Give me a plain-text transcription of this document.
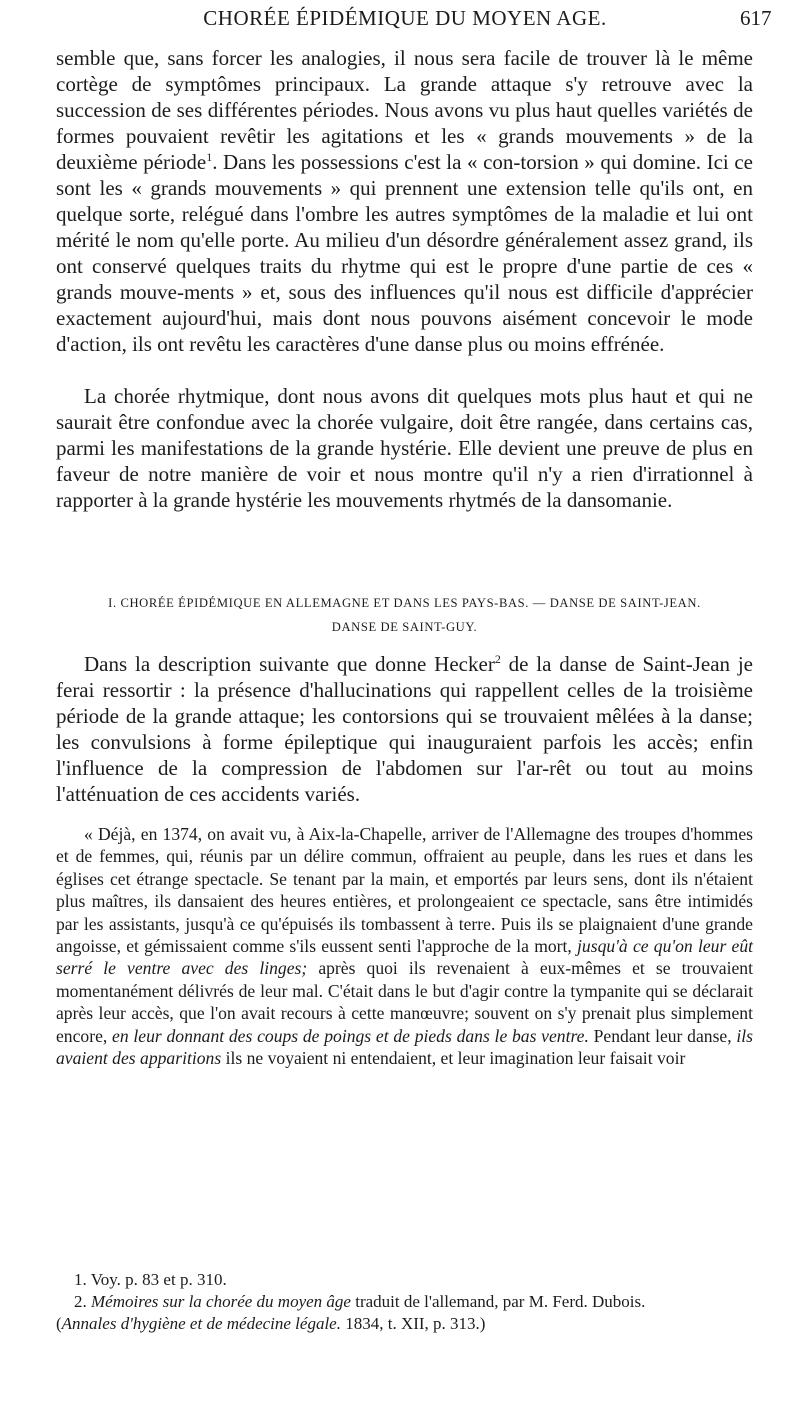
CHORÉE ÉPIDÉMIQUE DU MOYEN AGE.	617

semble que, sans forcer les analogies, il nous sera facile de trouver là le même cortège de symptômes principaux. La grande attaque s'y retrouve avec la succession de ses différentes périodes. Nous avons vu plus haut quelles variétés de formes pouvaient revêtir les agitations et les « grands mouvements » de la deuxième période$^1$. Dans les possessions c'est la « con-torsion » qui domine. Ici ce sont les « grands mouvements » qui prennent une extension telle qu'ils ont, en quelque sorte, relégué dans l'ombre les autres symptômes de la maladie et lui ont mérité le nom qu'elle porte. Au milieu d'un désordre généralement assez grand, ils ont conservé quelques traits du rhytme qui est le propre d'une partie de ces « grands mouve-ments » et, sous des influences qu'il nous est difficile d'apprécier exactement aujourd'hui, mais dont nous pouvons aisément concevoir le mode d'action, ils ont revêtu les caractères d'une danse plus ou moins effrénée.

La chorée rhytmique, dont nous avons dit quelques mots plus haut et qui ne saurait être confondue avec la chorée vulgaire, doit être rangée, dans certains cas, parmi les manifestations de la grande hystérie. Elle devient une preuve de plus en faveur de notre manière de voir et nous montre qu'il n'y a rien d'irrationnel à rapporter à la grande hystérie les mouvements rhytmés de la dansomanie.

I. CHORÉE ÉPIDÉMIQUE EN ALLEMAGNE ET DANS LES PAYS-BAS. — DANSE DE SAINT-JEAN.

DANSE DE SAINT-GUY.

Dans la description suivante que donne Hecker$^2$ de la danse de Saint-Jean je ferai ressortir : la présence d'hallucinations qui rappellent celles de la troisième période de la grande attaque; les contorsions qui se trouvaient mêlées à la danse; les convulsions à forme épileptique qui inauguraient parfois les accès; enfin l'influence de la compression de l'abdomen sur l'ar-rêt ou tout au moins l'atténuation de ces accidents variés.

« Déjà, en 1374, on avait vu, à Aix-la-Chapelle, arriver de l'Allemagne des troupes d'hommes et de femmes, qui, réunis par un délire commun, offraient au peuple, dans les rues et dans les églises cet étrange spectacle. Se tenant par la main, et emportés par leurs sens, dont ils n'étaient plus maîtres, ils dansaient des heures entières, et prolongeaient ce spectacle, sans être intimidés par les assistants, jusqu'à ce qu'épuisés ils tombassent à terre. Puis ils se plaignaient d'une grande angoisse, et gémissaient comme s'ils eussent senti l'approche de la mort, jusqu'à ce qu'on leur eût serré le ventre avec des linges; après quoi ils revenaient à eux-mêmes et se trouvaient momentanément délivrés de leur mal. C'était dans le but d'agir contre la tympanite qui se déclarait après leur accès, que l'on avait recours à cette manœuvre; souvent on s'y prenait plus simplement encore, en leur donnant des coups de poings et de pieds dans le bas ventre. Pendant leur danse, ils avaient des apparitions ils ne voyaient ni entendaient, et leur imagination leur faisait voir

1. Voy. p. 83 et p. 310.

2. Mémoires sur la chorée du moyen âge traduit de l'allemand, par M. Ferd. Dubois.

(Annales d'hygiène et de médecine légale. 1834, t. XII, p. 313.)
